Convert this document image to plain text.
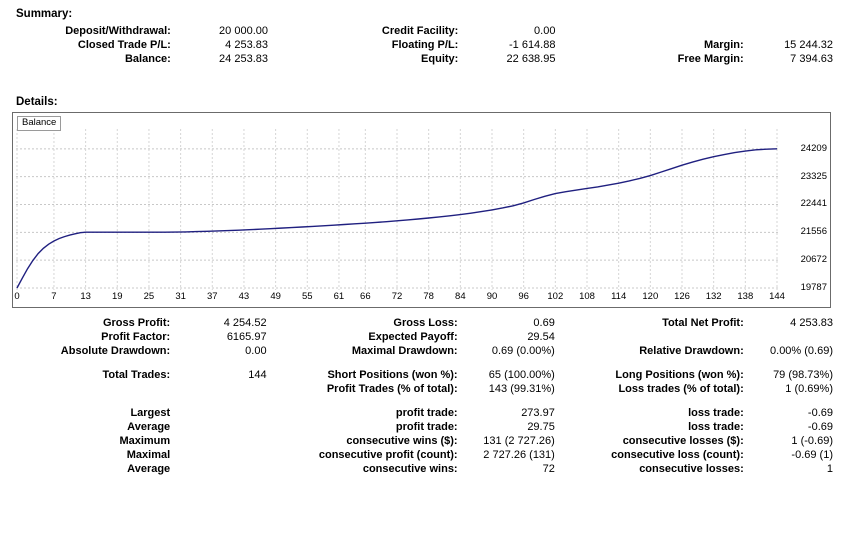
Summary:
Deposit/Withdrawal:	20 000.00	Credit Facility:	0.00		
Closed Trade P/L:	4 253.83	Floating P/L:	-1 614.88	Margin:	15 244.32
Balance:	24 253.83	Equity:	22 638.95	Free Margin:	7 394.63
Details:
Balance
19787
20672
21556
22441
23325
24209
0	7 13 19 25 31 37 43 49 55 61 66 72 78 84 90 96 102 108 114 120 126 132 138 144
Gross Profit:	4 254.52	Gross Loss:	0.69	Total Net Profit:	4 253.83
Profit Factor:	6165.97	Expected Payoff:	29.54		
Absolute Drawdown:	0.00	Maximal Drawdown:	0.69 (0.00%)	Relative Drawdown:	0.00% (0.69)

Total Trades:	144	Short Positions (won %):	65 (100.00%)	Long Positions (won %):	79 (98.73%)
		Profit Trades (% of total):	143 (99.31%)	Loss trades (% of total):	1 (0.69%)

Largest		profit trade:	273.97	loss trade:	-0.69
Average		profit trade:	29.75	loss trade:	-0.69
Maximum		consecutive wins ($):	131 (2 727.26)	consecutive losses ($):	1 (-0.69)
Maximal		consecutive profit (count):	2 727.26 (131)	consecutive loss (count):	-0.69 (1)
Average		consecutive wins:	72	consecutive losses:	1
